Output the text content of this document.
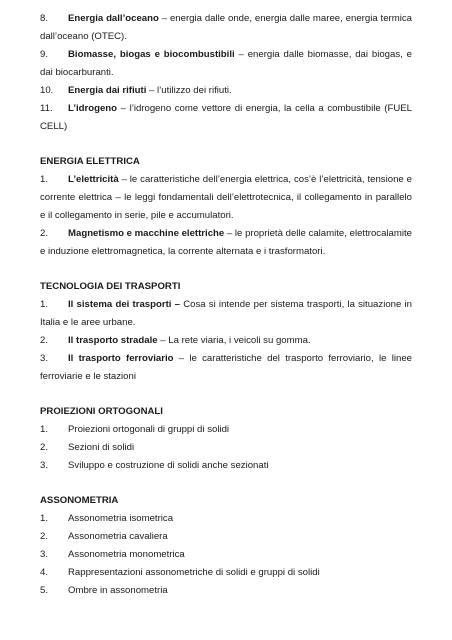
8. Energia dall’oceano – energia dalle onde, energia dalle maree, energia termica dall’oceano (OTEC).

9. Biomasse, biogas e biocombustibili – energia dalle biomasse, dai biogas, e dai biocarburanti.

10. Energia dai rifiuti – l’utilizzo dei rifiuti.

11. L’idrogeno – l’idrogeno come vettore di energia, la cella a combustibile (FUEL CELL)

ENERGIA ELETTRICA

1. L’elettricità – le caratteristiche dell’energia elettrica, cos’è l’elettricità, tensione e corrente elettrica – le leggi fondamentali dell’elettrotecnica, il collegamento in parallelo e il collegamento in serie, pile e accumulatori.

2. Magnetismo e macchine elettriche – le proprietà delle calamite, elettrocalamite e induzione elettromagnetica, la corrente alternata e i trasformatori.

TECNOLOGIA DEI TRASPORTI

1. Il sistema dei trasporti – Cosa si intende per sistema trasporti, la situazione in Italia e le aree urbane.

2. Il trasporto stradale – La rete viaria, i veicoli su gomma.

3. Il trasporto ferroviario – le caratteristiche del trasporto ferroviario, le linee ferroviarie e le stazioni

PROIEZIONI ORTOGONALI

1.	Proiezioni ortogonali di gruppi di solidi
2.	Sezioni di solidi
3.	Sviluppo e costruzione di solidi anche sezionati

ASSONOMETRIA

1.	Assonometria isometrica
2.	Assonometria cavaliera
3.	Assonometria monometrica
4.	Rappresentazioni assonometriche di solidi e gruppi di solidi
5.	Ombre in assonometria
